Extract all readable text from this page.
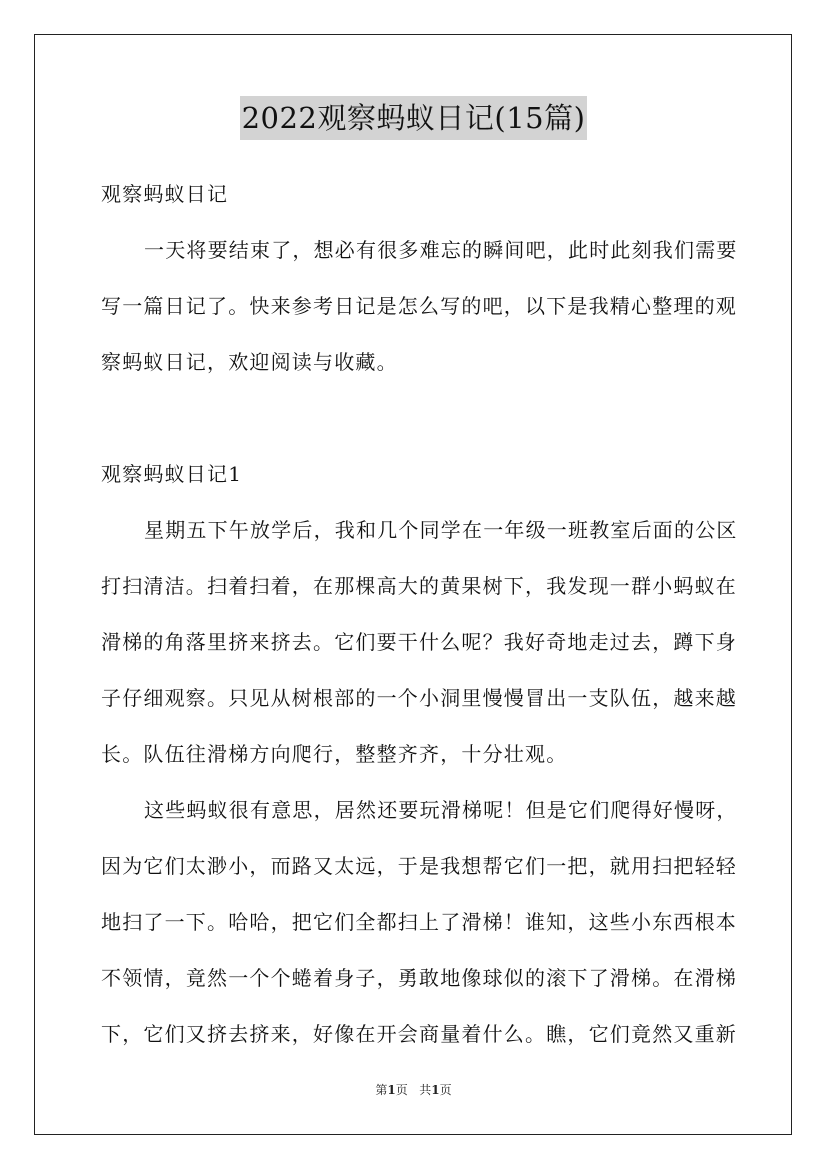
2022观察蚂蚁日记(15篇)
观察蚂蚁日记
一天将要结束了，想必有很多难忘的瞬间吧，此时此刻我们需要
写一篇日记了。快来参考日记是怎么写的吧，以下是我精心整理的观
察蚂蚁日记，欢迎阅读与收藏。
观察蚂蚁日记1
星期五下午放学后，我和几个同学在一年级一班教室后面的公区
打扫清洁。扫着扫着，在那棵高大的黄果树下，我发现一群小蚂蚁在
滑梯的角落里挤来挤去。它们要干什么呢？我好奇地走过去，蹲下身
子仔细观察。只见从树根部的一个小洞里慢慢冒出一支队伍，越来越
长。队伍往滑梯方向爬行，整整齐齐，十分壮观。
这些蚂蚁很有意思，居然还要玩滑梯呢！但是它们爬得好慢呀，
因为它们太渺小，而路又太远，于是我想帮它们一把，就用扫把轻轻
地扫了一下。哈哈，把它们全都扫上了滑梯！谁知，这些小东西根本
不领情，竟然一个个蜷着身子，勇敢地像球似的滚下了滑梯。在滑梯
下，它们又挤去挤来，好像在开会商量着什么。瞧，它们竟然又重新
第1页 共1页
